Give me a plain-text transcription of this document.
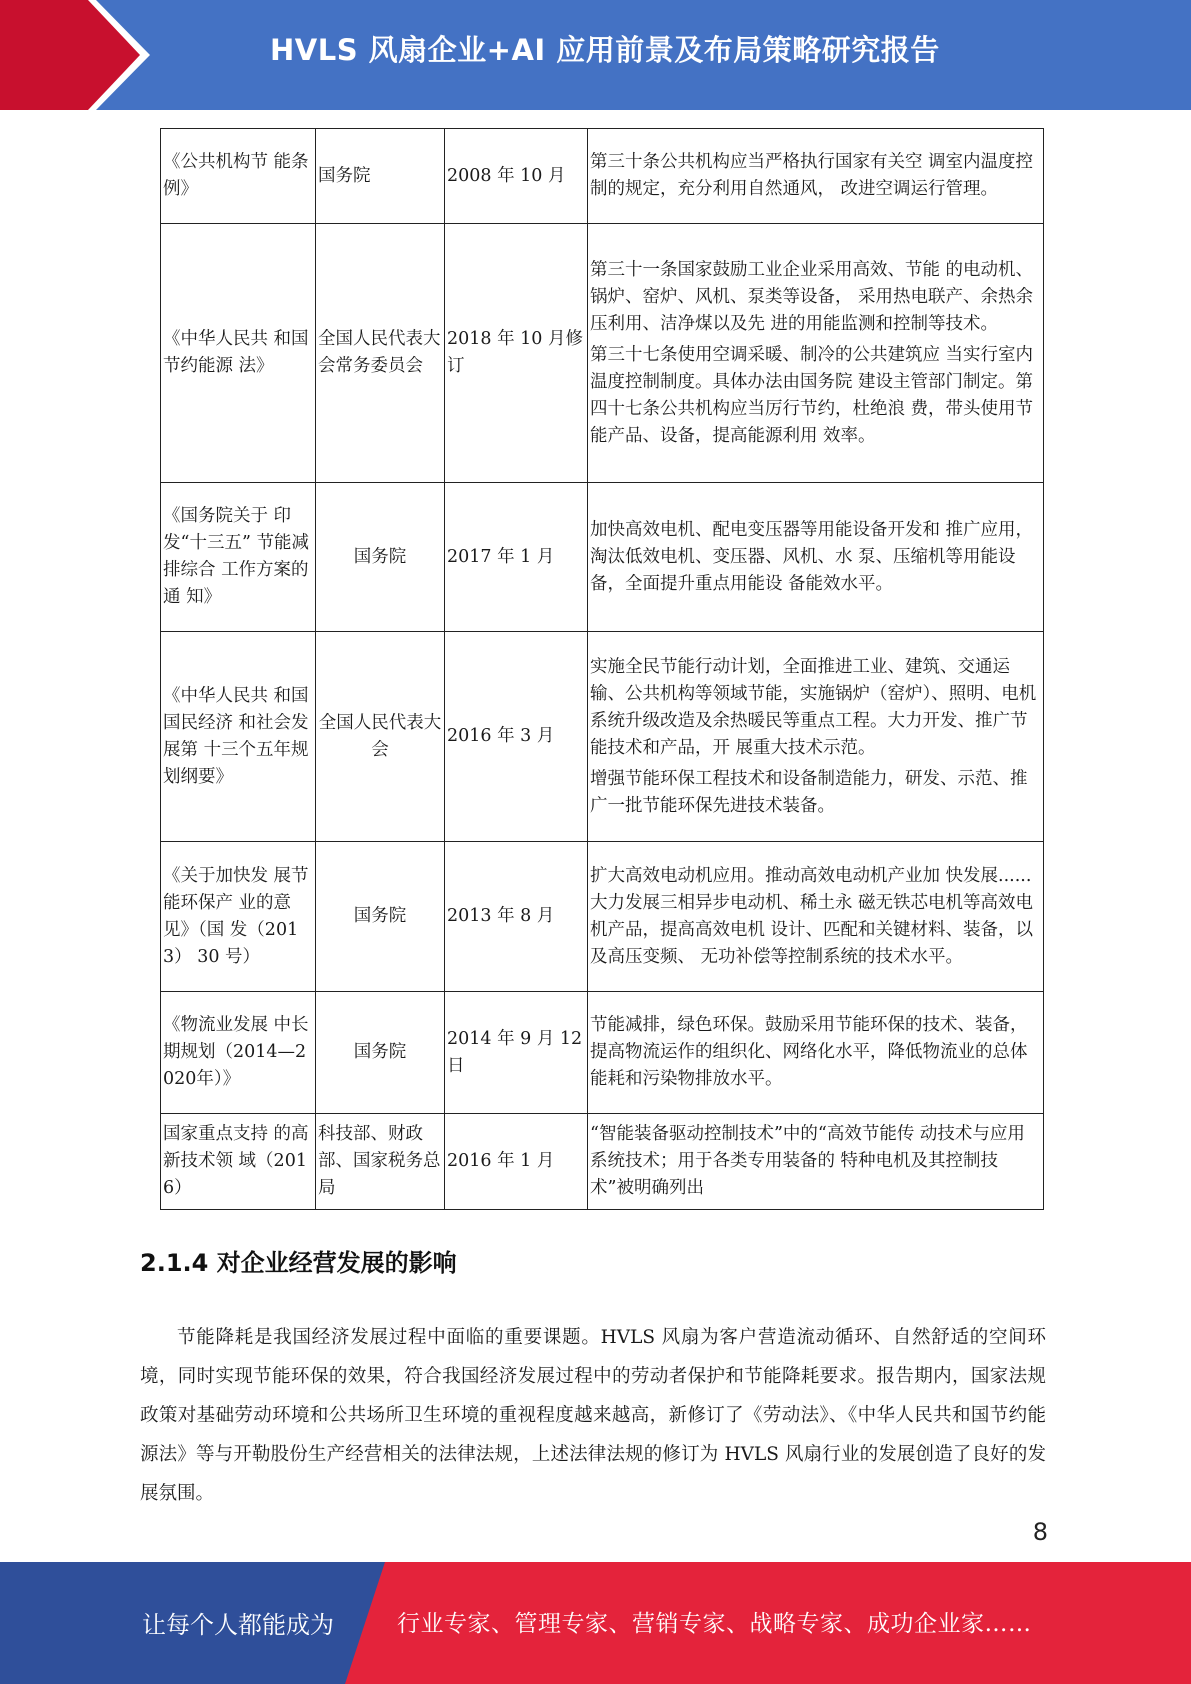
HVLS 风扇企业+AI 应用前景及布局策略研究报告
《公共机构节 能条例》	国务院	2008 年 10 月	第三十条公共机构应当严格执行国家有关空 调室内温度控制的规定，充分利用自然通风， 改进空调运行管理。

《中华人民共 和国节约能源 法》	全国人民代表大会常务委员会	2018 年 10 月修订	第三十一条国家鼓励工业企业采用高效、节能 的电动机、锅炉、窑炉、风机、泵类等设备， 采用热电联产、余热余压利用、洁净煤以及先 进的用能监测和控制等技术。

第三十七条使用空调采暖、制冷的公共建筑应 当实行室内温度控制制度。具体办法由国务院 建设主管部门制定。第四十七条公共机构应当厉行节约，杜绝浪 费，带头使用节能产品、设备，提高能源利用 效率。

《国务院关于 印发“十三五” 节能减排综合 工作方案的通 知》	国务院	2017 年 1 月	加快高效电机、配电变压器等用能设备开发和 推广应用，淘汰低效电机、变压器、风机、水 泵、压缩机等用能设备，全面提升重点用能设 备能效水平。

《中华人民共 和国国民经济 和社会发展第 十三个五年规 划纲要》	全国人民代表大会	2016 年 3 月	实施全民节能行动计划，全面推进工业、建筑、交通运输、公共机构等领域节能，实施锅炉（窑炉）、照明、电机系统升级改造及余热暖民等重点工程。大力开发、推广节能技术和产品，开 展重大技术示范。

增强节能环保工程技术和设备制造能力，研发、示范、推广一批节能环保先进技术装备。

《关于加快发 展节能环保产 业的意见》（国 发（2013） 30 号）	国务院	2013 年 8 月	扩大高效电动机应用。推动高效电动机产业加 快发展......大力发展三相异步电动机、稀土永 磁无铁芯电机等高效电机产品，提高高效电机 设计、匹配和关键材料、装备，以及高压变频、 无功补偿等控制系统的技术水平。

《物流业发展 中长期规划（2014—2020年）》	国务院	2014 年 9 月 12 日	节能减排，绿色环保。鼓励采用节能环保的技术、装备，提高物流运作的组织化、网络化水平，降低物流业的总体能耗和污染物排放水平。

国家重点支持 的高新技术领 域（2016）	科技部、财政部、国家税务总局	2016 年 1 月	“智能装备驱动控制技术”中的“高效节能传 动技术与应用系统技术；用于各类专用装备的 特种电机及其控制技术”被明确列出

2.1.4 对企业经营发展的影响

节能降耗是我国经济发展过程中面临的重要课题。HVLS 风扇为客户营造流动循环、自然舒适的空间环境，同时实现节能环保的效果，符合我国经济发展过程中的劳动者保护和节能降耗要求。报告期内，国家法规政策对基础劳动环境和公共场所卫生环境的重视程度越来越高，新修订了《劳动法》、《中华人民共和国节约能源法》等与开勒股份生产经营相关的法律法规，上述法律法规的修订为 HVLS 风扇行业的发展创造了良好的发展氛围。

8
让每个人都能成为	行业专家、管理专家、营销专家、战略专家、成功企业家……
